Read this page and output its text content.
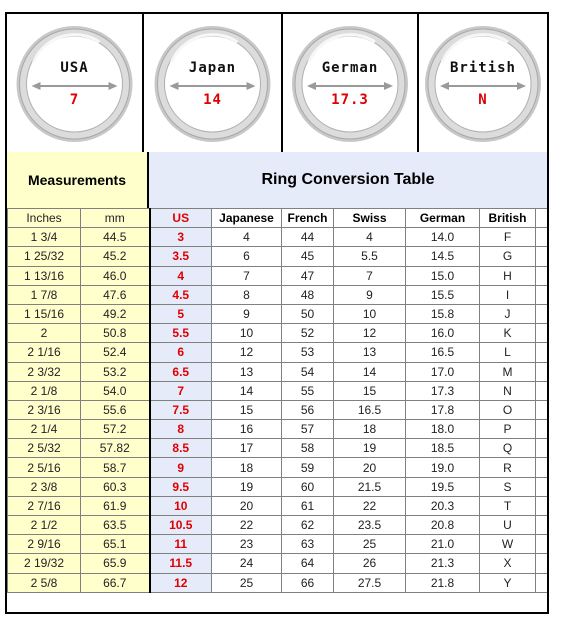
USA
7
Japan
14
German
17.3
British
N
Measurements	Ring Conversion Table
Inches	mm	US	Japanese	French	Swiss	German	British	
1 3/4	44.5	3	4	44	4	14.0	F	
1 25/32	45.2	3.5	6	45	5.5	14.5	G	
1 13/16	46.0	4	7	47	7	15.0	H	
1 7/8	47.6	4.5	8	48	9	15.5	I	
1 15/16	49.2	5	9	50	10	15.8	J	
2	50.8	5.5	10	52	12	16.0	K	
2 1/16	52.4	6	12	53	13	16.5	L	
2 3/32	53.2	6.5	13	54	14	17.0	M	
2 1/8	54.0	7	14	55	15	17.3	N	
2 3/16	55.6	7.5	15	56	16.5	17.8	O	
2 1/4	57.2	8	16	57	18	18.0	P	
2 5/32	57.82	8.5	17	58	19	18.5	Q	
2 5/16	58.7	9	18	59	20	19.0	R	
2 3/8	60.3	9.5	19	60	21.5	19.5	S	
2 7/16	61.9	10	20	61	22	20.3	T	
2 1/2	63.5	10.5	22	62	23.5	20.8	U	
2 9/16	65.1	11	23	63	25	21.0	W	
2 19/32	65.9	11.5	24	64	26	21.3	X	
2 5/8	66.7	12	25	66	27.5	21.8	Y	
